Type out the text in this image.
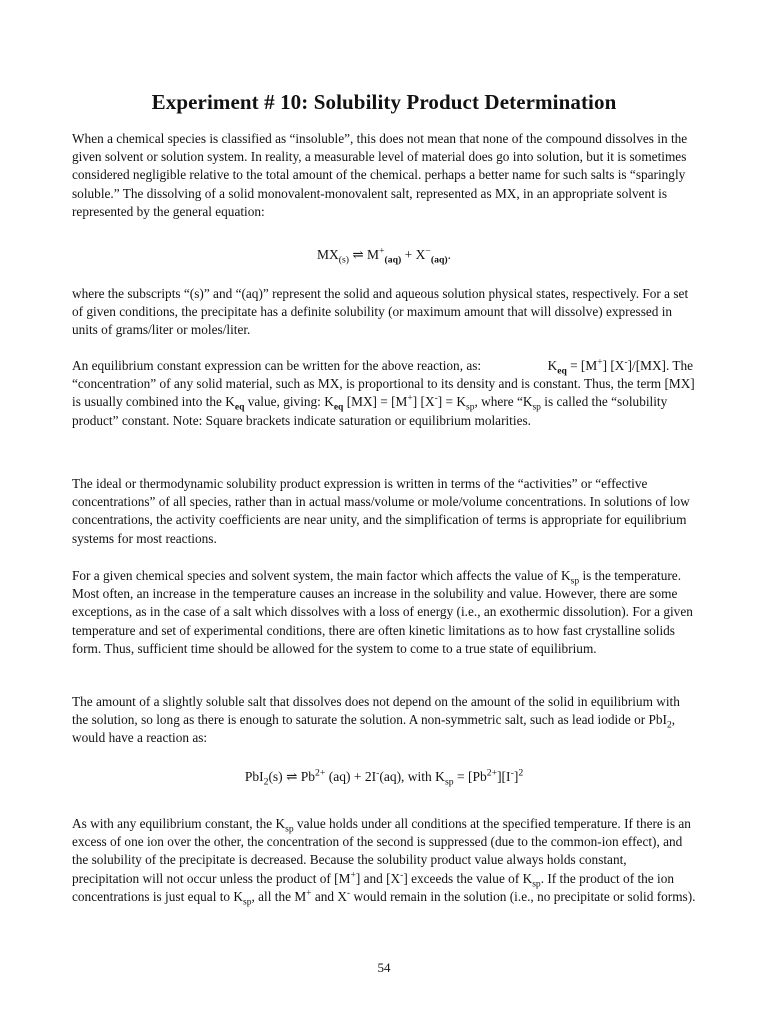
Experiment # 10: Solubility Product Determination

When a chemical species is classified as “insoluble”, this does not mean that none of the compound dissolves in the given solvent or solution system. In reality, a measurable level of material does go into solution, but it is sometimes considered negligible relative to the total amount of the chemical. perhaps a better name for such salts is “sparingly soluble.” The dissolving of a solid monovalent-monovalent salt, represented as MX, in an appropriate solvent is represented by the general equation:

$MX_{(s)}$ ⇌ $M^+_{(aq)} + X^-_{(aq)}$.

where the subscripts “(s)” and “(aq)” represent the solid and aqueous solution physical states, respectively. For a set of given conditions, the precipitate has a definite solubility (or maximum amount that will dissolve) expressed in units of grams/liter or moles/liter.

An equilibrium constant expression can be written for the above reaction, as:	$K_{eq} = [M^+]$ [X-]/[MX]. The “concentration” of any solid material, such as MX, is proportional to its density and is constant. Thus, the term [MX] is usually combined into the $K_{eq}$ value, giving: $K_{eq}$ [MX] = [M+] $[X^-] = K_{sp}$, where “$K_{sp}$ is called the “solubility product” constant. Note: Square brackets indicate saturation or equilibrium molarities.

The ideal or thermodynamic solubility product expression is written in terms of the “activities” or “effective concentrations” of all species, rather than in actual mass/volume or mole/volume concentrations. In solutions of low concentrations, the activity coefficients are near unity, and the simplification of terms is appropriate for equilibrium systems for most reactions.

For a given chemical species and solvent system, the main factor which affects the value of $K_{sp}$ is the temperature. Most often, an increase in the temperature causes an increase in the solubility and value. However, there are some exceptions, as in the case of a salt which dissolves with a loss of energy (i.e., an exothermic dissolution). For a given temperature and set of experimental conditions, there are often kinetic limitations as to how fast crystalline solids form. Thus, sufficient time should be allowed for the system to come to a true state of equilibrium.

The amount of a slightly soluble salt that dissolves does not depend on the amount of the solid in equilibrium with the solution, so long as there is enough to saturate the solution. A non-symmetric salt, such as lead iodide or PbI$_2$, would have a reaction as:

PbI$_2$(s) ⇌ $Pb^{2+}$ (aq) + 2I-(aq), with $K_{sp} = [Pb^{2+}][I^-]^2$

As with any equilibrium constant, the $K_{sp}$ value holds under all conditions at the specified temperature. If there is an excess of one ion over the other, the concentration of the second is suppressed (due to the common-ion effect), and the solubility of the precipitate is decreased. Because the solubility product value always holds constant, precipitation will not occur unless the product of [M+] and [X-] exceeds the value of $K_{sp}$. If the product of the ion concentrations is just equal to $K_{sp}$, all the M+ and X- would remain in the solution (i.e., no precipitate or solid forms).

54
